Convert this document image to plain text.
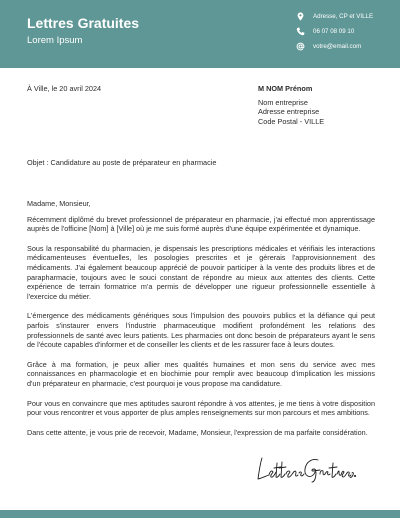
Lettres Gratuites
Lorem Ipsum
Adresse, CP et VILLE
06 07 08 09 10
votre@email.com
À Ville, le 20 avril 2024	M NOM Prénom
Nom entreprise
Adresse entreprise
Code Postal - VILLE
Objet : Candidature au poste de préparateur en pharmacie

Madame, Monsieur,

Récemment diplômé du brevet professionnel de préparateur en pharmacie, j'ai effectué mon apprentissage auprès de l'officine [Nom] à [Ville] où je me suis formé auprès d'une équipe expérimentée et dynamique.

Sous la responsabilité du pharmacien, je dispensais les prescriptions médicales et vérifiais les interactions médicamenteuses éventuelles, les posologies prescrites et je gérerais l'approvisionnement des médicaments. J'ai également beaucoup apprécié de pouvoir participer à la vente des produits libres et de parapharmacie, toujours avec le souci constant de répondre au mieux aux attentes des clients. Cette expérience de terrain formatrice m'a permis de développer une rigueur professionnelle essentielle à l'exercice du métier.

L'émergence des médicaments génériques sous l'impulsion des pouvoirs publics et la défiance qui peut parfois s'instaurer envers l'industrie pharmaceutique modifient profondément les relations des professionnels de santé avec leurs patients. Les pharmacies ont donc besoin de préparateurs ayant le sens de l'écoute capables d'informer et de conseiller les clients et de les rassurer face à leurs doutes.

Grâce à ma formation, je peux allier mes qualités humaines et mon sens du service avec mes connaissances en pharmacologie et en biochimie pour remplir avec beaucoup d'implication les missions d'un préparateur en pharmacie, c'est pourquoi je vous propose ma candidature.

Pour vous en convaincre que mes aptitudes sauront répondre à vos attentes, je me tiens à votre disposition pour vous rencontrer et vous apporter de plus amples renseignements sur mon parcours et mes ambitions.

Dans cette attente, je vous prie de recevoir, Madame, Monsieur, l'expression de ma parfaite considération.
